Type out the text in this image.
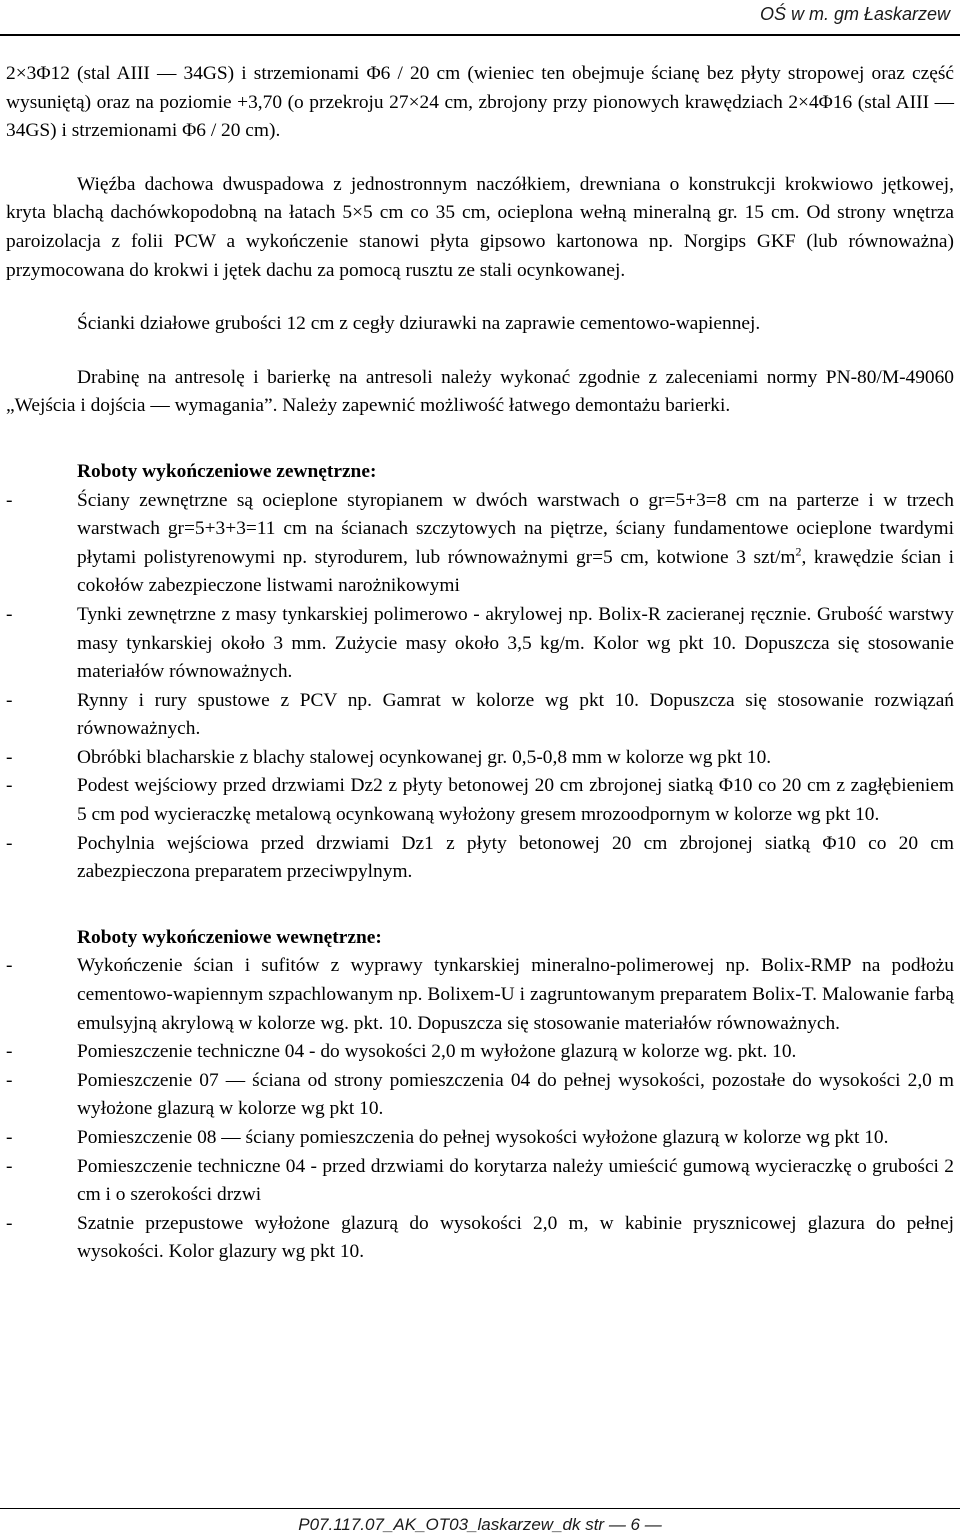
OŚ w m. gm Łaskarzew

2×3Φ12 (stal AIII — 34GS) i strzemionami Φ6 / 20 cm (wieniec ten obejmuje ścianę bez płyty stropowej oraz część wysuniętą) oraz na poziomie +3,70 (o przekroju 27×24 cm, zbrojony przy pionowych krawędziach 2×4Φ16 (stal AIII — 34GS) i strzemionami Φ6 / 20 cm).

Więźba dachowa dwuspadowa z jednostronnym naczółkiem, drewniana o konstrukcji krokwiowo jętkowej, kryta blachą dachówkopodobną na łatach 5×5 cm co 35 cm, ocieplona wełną mineralną gr. 15 cm. Od strony wnętrza paroizolacja z folii PCW a wykończenie stanowi płyta gipsowo kartonowa np. Norgips GKF (lub równoważna) przymocowana do krokwi i jętek dachu za pomocą rusztu ze stali ocynkowanej.

Ścianki działowe grubości 12 cm z cegły dziurawki na zaprawie cementowo-wapiennej.

Drabinę na antresolę i barierkę na antresoli należy wykonać zgodnie z zaleceniami normy PN-80/M-49060 „Wejścia i dojścia — wymagania”. Należy zapewnić możliwość łatwego demontażu barierki.

Roboty wykończeniowe zewnętrzne:

- Ściany zewnętrzne są ocieplone styropianem w dwóch warstwach o gr=5+3=8 cm na parterze i w trzech warstwach gr=5+3+3=11 cm na ścianach szczytowych na piętrze, ściany fundamentowe ocieplone twardymi płytami polistyrenowymi np. styrodurem, lub równoważnymi gr=5 cm, kotwione 3 szt/$m^2$, krawędzie ścian i cokołów zabezpieczone listwami narożnikowymi
- Tynki zewnętrzne z masy tynkarskiej polimerowo - akrylowej np. Bolix-R zacieranej ręcznie. Grubość warstwy masy tynkarskiej około 3 mm. Zużycie masy około 3,5 kg/m. Kolor wg pkt 10. Dopuszcza się stosowanie materiałów równoważnych.
- Rynny i rury spustowe z PCV np. Gamrat w kolorze wg pkt 10. Dopuszcza się stosowanie rozwiązań równoważnych.
- Obróbki blacharskie z blachy stalowej ocynkowanej gr. 0,5-0,8 mm w kolorze wg pkt 10.
- Podest wejściowy przed drzwiami Dz2 z płyty betonowej 20 cm zbrojonej siatką Φ10 co 20 cm z zagłębieniem 5 cm pod wycieraczkę metalową ocynkowaną wyłożony gresem mrozoodpornym w kolorze wg pkt 10.
- Pochylnia wejściowa przed drzwiami Dz1 z płyty betonowej 20 cm zbrojonej siatką Φ10 co 20 cm zabezpieczona preparatem przeciwpylnym.

Roboty wykończeniowe wewnętrzne:

- Wykończenie ścian i sufitów z wyprawy tynkarskiej mineralno-polimerowej np. Bolix-RMP na podłożu cementowo-wapiennym szpachlowanym np. Bolixem-U i zagruntowanym preparatem Bolix-T. Malowanie farbą emulsyjną akrylową w kolorze wg. pkt. 10. Dopuszcza się stosowanie materiałów równoważnych.
- Pomieszczenie techniczne 04 - do wysokości 2,0 m wyłożone glazurą w kolorze wg. pkt. 10.
- Pomieszczenie 07 — ściana od strony pomieszczenia 04 do pełnej wysokości, pozostałe do wysokości 2,0 m wyłożone glazurą w kolorze wg pkt 10.
- Pomieszczenie 08 — ściany pomieszczenia do pełnej wysokości wyłożone glazurą w kolorze wg pkt 10.
- Pomieszczenie techniczne 04 - przed drzwiami do korytarza należy umieścić gumową wycieraczkę o grubości 2 cm i o szerokości drzwi
- Szatnie przepustowe wyłożone glazurą do wysokości 2,0 m, w kabinie prysznicowej glazura do pełnej wysokości. Kolor glazury wg pkt 10.
P07.117.07_AK_OT03_laskarzew_dk str — 6 —
